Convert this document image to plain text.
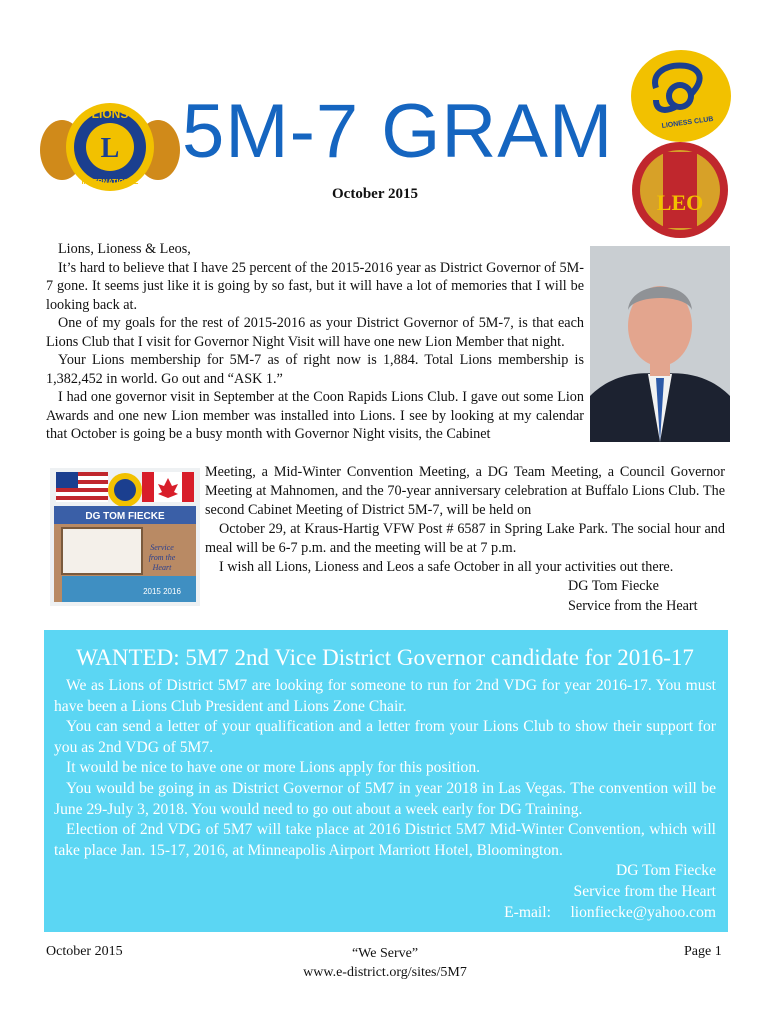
LIONS
INTERNATIONAL
L 5M-7 GRAM
October 2015
LIONESS CLUB
LEO

Lions, Lioness & Leos,

It’s hard to believe that I have 25 percent of the 2015-2016 year as District Governor of 5M-7 gone. It seems just like it is going by so fast, but it will have a lot of memories that I will be looking back at.

One of my goals for the rest of 2015-2016 as your District Governor of 5M-7, is that each Lions Club that I visit for Governor Night Visit will have one new Lion Member that night.

Your Lions membership for 5M-7 as of right now is 1,884. Total Lions membership is 1,382,452 in world. Go out and “ASK 1.”

I had one governor visit in September at the Coon Rapids Lions Club. I gave out some Lion Awards and one new Lion member was installed into Lions. I see by looking at my calendar that October is going be a busy month with Governor Night visits, the Cabinet

DG TOM FIECKE
Service
from the
Heart
2015 2016

Meeting, a Mid-Winter Convention Meeting, a DG Team Meeting, a Council Governor Meeting at Mahnomen, and the 70-year anniversary celebration at Buffalo Lions Club. The second Cabinet Meeting of District 5M-7, will be held on

October 29, at Kraus-Hartig VFW Post # 6587 in Spring Lake Park. The social hour and meal will be 6-7 p.m. and the meeting will be at 7 p.m.

I wish all Lions, Lioness and Leos a safe October in all your activities out there.

DG Tom Fiecke
Service from the Heart
WANTED: 5M7 2nd Vice District Governor candidate for 2016-17

We as Lions of District 5M7 are looking for someone to run for 2nd VDG for year 2016-17. You must have been a Lions Club President and Lions Zone Chair.

You can send a letter of your qualification and a letter from your Lions Club to show their support for you as 2nd VDG of 5M7.

It would be nice to have one or more Lions apply for this position.

You would be going in as District Governor of 5M7 in year 2018 in Las Vegas. The convention will be June 29-July 3, 2018. You would need to go out about a week early for DG Training.

Election of 2nd VDG of 5M7 will take place at 2016 District 5M7 Mid-Winter Convention, which will take place Jan. 15-17, 2016, at Minneapolis Airport Marriott Hotel, Bloomington.

DG Tom Fiecke
Service from the Heart
E-mail: lionfiecke@yahoo.com
October 2015	“We Serve”
www.e-district.org/sites/5M7
Page 1
